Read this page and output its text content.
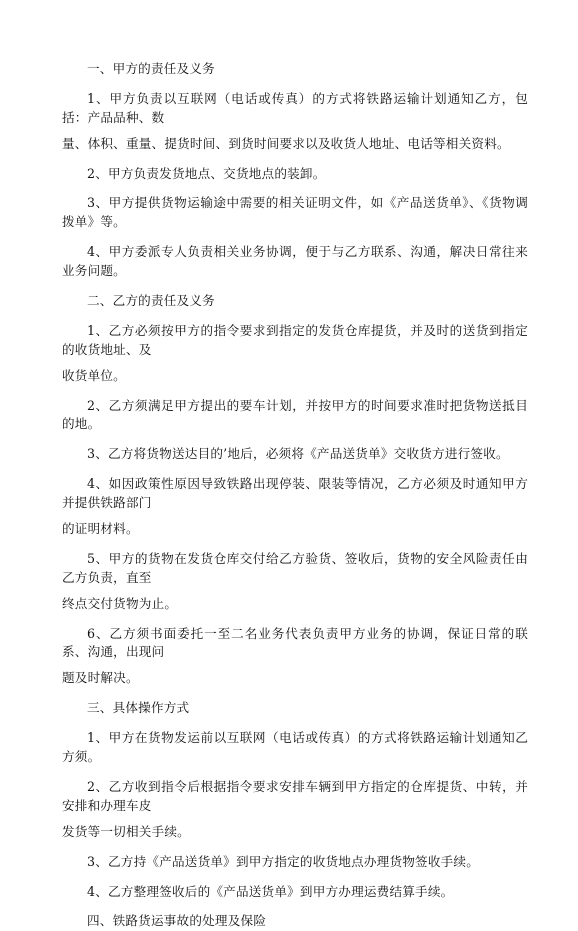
一、甲方的责任及义务

1、甲方负责以互联网（电话或传真）的方式将铁路运输计划通知乙方，包括：产品品种、数
量、体积、重量、提货时间、到货时间要求以及收货人地址、电话等相关资料。

2、甲方负责发货地点、交货地点的装卸。

3、甲方提供货物运输途中需要的相关证明文件，如《产品送货单》、《货物调拨单》等。

4、甲方委派专人负责相关业务协调，便于与乙方联系、沟通，解决日常往来业务问题。

二、乙方的责任及义务

1、乙方必须按甲方的指令要求到指定的发货仓库提货，并及时的送货到指定的收货地址、及
收货单位。

2、乙方须满足甲方提出的要车计划，并按甲方的时间要求准时把货物送抵目的地。

3、乙方将货物送达目的’地后，必须将《产品送货单》交收货方进行签收。

4、如因政策性原因导致铁路出现停装、限装等情况，乙方必须及时通知甲方并提供铁路部门
的证明材料。

5、甲方的货物在发货仓库交付给乙方验货、签收后，货物的安全风险责任由乙方负责，直至
终点交付货物为止。

6、乙方须书面委托一至二名业务代表负责甲方业务的协调，保证日常的联系、沟通，出现问
题及时解决。

三、具体操作方式

1、甲方在货物发运前以互联网（电话或传真）的方式将铁路运输计划通知乙方须。

2、乙方收到指令后根据指令要求安排车辆到甲方指定的仓库提货、中转，并安排和办理车皮
发货等一切相关手续。

3、乙方持《产品送货单》到甲方指定的收货地点办理货物签收手续。

4、乙方整理签收后的《产品送货单》到甲方办理运费结算手续。

四、铁路货运事故的处理及保险
